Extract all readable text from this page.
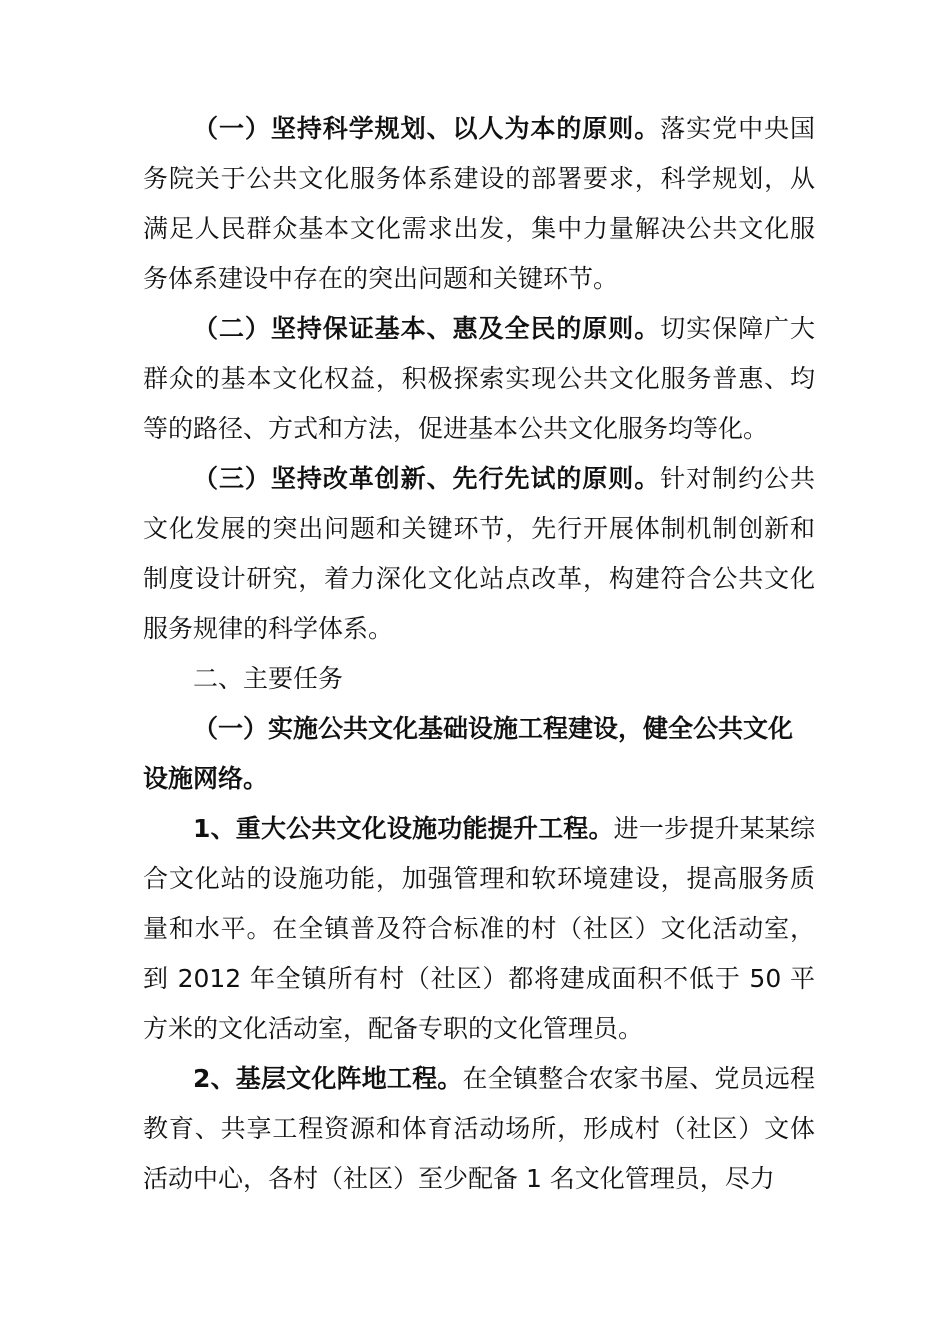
（一）坚持科学规划、以人为本的原则。落实党中央国务院关于公共文化服务体系建设的部署要求，科学规划，从满足人民群众基本文化需求出发，集中力量解决公共文化服务体系建设中存在的突出问题和关键环节。

（二）坚持保证基本、惠及全民的原则。切实保障广大群众的基本文化权益，积极探索实现公共文化服务普惠、均等的路径、方式和方法，促进基本公共文化服务均等化。

（三）坚持改革创新、先行先试的原则。针对制约公共文化发展的突出问题和关键环节，先行开展体制机制创新和制度设计研究，着力深化文化站点改革，构建符合公共文化服务规律的科学体系。

二、主要任务

（一）实施公共文化基础设施工程建设，健全公共文化设施网络。

1、重大公共文化设施功能提升工程。进一步提升某某综合文化站的设施功能，加强管理和软环境建设，提高服务质量和水平。在全镇普及符合标准的村（社区）文化活动室，到 2012 年全镇所有村（社区）都将建成面积不低于 50 平方米的文化活动室，配备专职的文化管理员。

2、基层文化阵地工程。在全镇整合农家书屋、党员远程教育、共享工程资源和体育活动场所，形成村（社区）文体活动中心，各村（社区）至少配备 1 名文化管理员，尽力
